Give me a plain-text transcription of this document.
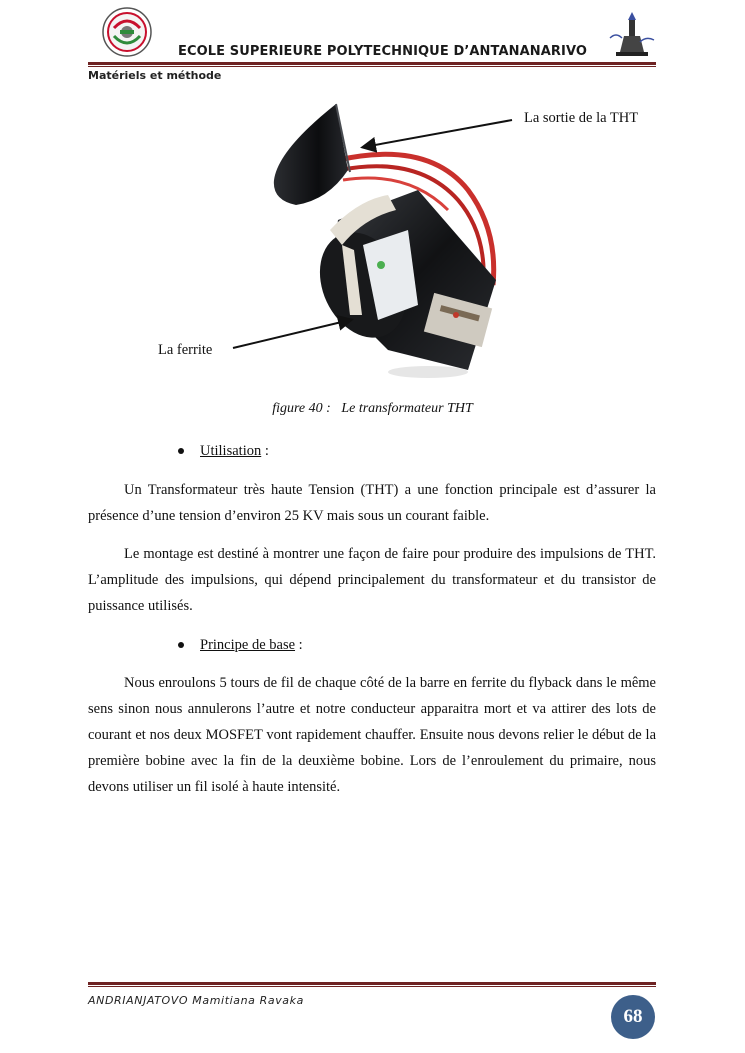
ECOLE SUPERIEURE POLYTECHNIQUE D’ANTANANARIVO
Matériels et méthode
La sortie de la THT
La ferrite
figure 40 : Le transformateur THT
Utilisation :
Un Transformateur très haute Tension (THT) a une fonction principale est d’assurer la présence d’une tension d’environ 25 KV mais sous un courant faible.
Le montage est destiné à montrer une façon de faire pour produire des impulsions de THT. L’amplitude des impulsions, qui dépend principalement du transformateur et du transistor de puissance utilisés.
Principe de base :
Nous enroulons 5 tours de fil de chaque côté de la barre en ferrite du flyback dans le même sens sinon nous annulerons l’autre et notre conducteur apparaitra mort et va attirer des lots de courant et nos deux MOSFET vont rapidement chauffer. Ensuite nous devons relier le début de la première bobine avec la fin de la deuxième bobine. Lors de l’enroulement du primaire, nous devons utiliser un fil isolé à haute intensité.
ANDRIANJATOVO Mamitiana Ravaka
68
